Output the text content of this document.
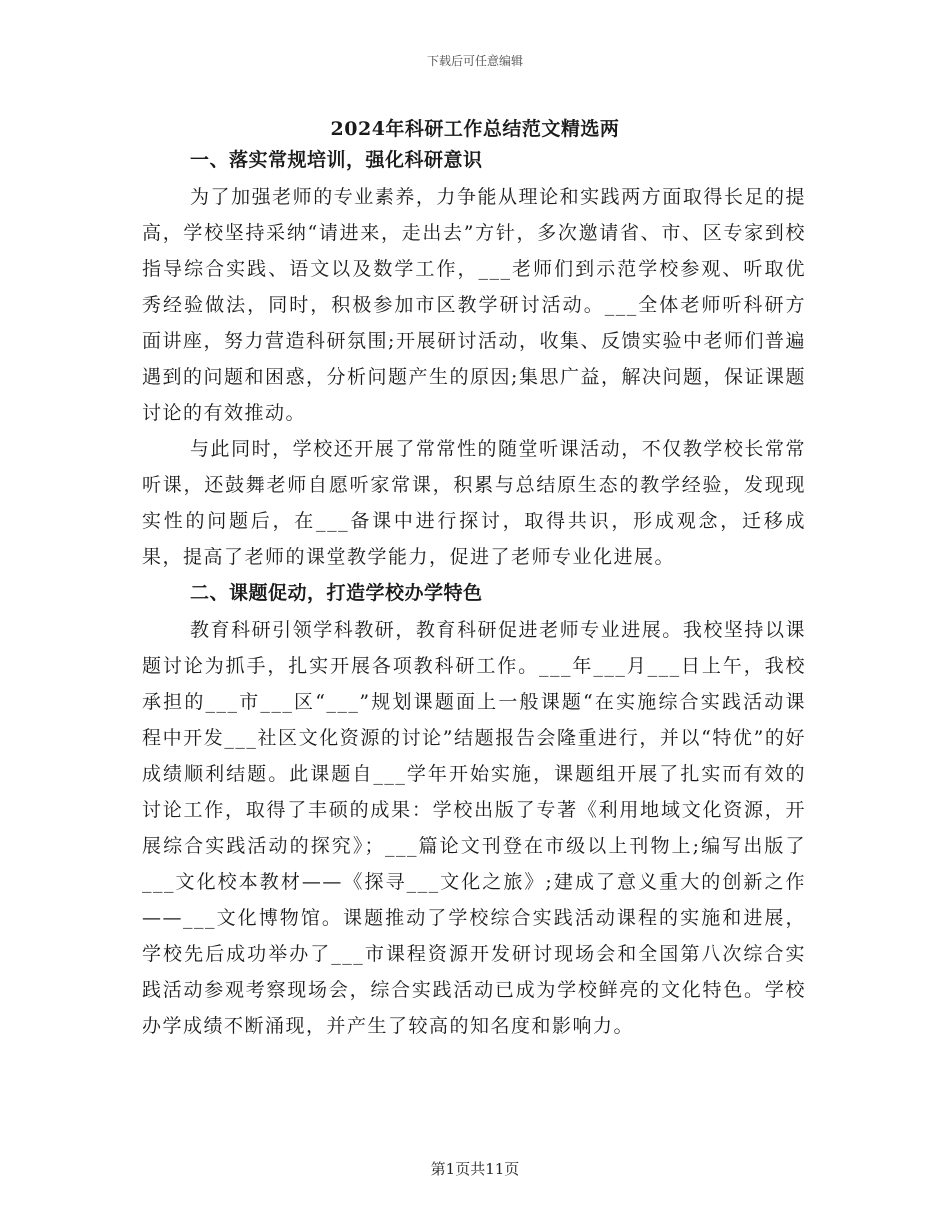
下载后可任意编辑
2024年科研工作总结范文精选两

一、落实常规培训，强化科研意识

为了加强老师的专业素养，力争能从理论和实践两方面取得长足的提高，学校坚持采纳“请进来，走出去”方针，多次邀请省、市、区专家到校指导综合实践、语文以及数学工作，___老师们到示范学校参观、听取优秀经验做法，同时，积极参加市区教学研讨活动。___全体老师听科研方面讲座，努力营造科研氛围;开展研讨活动，收集、反馈实验中老师们普遍遇到的问题和困惑，分析问题产生的原因;集思广益，解决问题，保证课题讨论的有效推动。

与此同时，学校还开展了常常性的随堂听课活动，不仅教学校长常常听课，还鼓舞老师自愿听家常课，积累与总结原生态的教学经验，发现现实性的问题后，在___备课中进行探讨，取得共识，形成观念，迁移成果，提高了老师的课堂教学能力，促进了老师专业化进展。

二、课题促动，打造学校办学特色

教育科研引领学科教研，教育科研促进老师专业进展。我校坚持以课题讨论为抓手，扎实开展各项教科研工作。___年___月___日上午，我校承担的___市___区“___”规划课题面上一般课题“在实施综合实践活动课程中开发___社区文化资源的讨论”结题报告会隆重进行，并以“特优”的好成绩顺利结题。此课题自___学年开始实施，课题组开展了扎实而有效的讨论工作，取得了丰硕的成果：学校出版了专著《利用地域文化资源，开展综合实践活动的探究》；___篇论文刊登在市级以上刊物上;编写出版了___文化校本教材——《探寻___文化之旅》;建成了意义重大的创新之作——___文化博物馆。课题推动了学校综合实践活动课程的实施和进展，学校先后成功举办了___市课程资源开发研讨现场会和全国第八次综合实践活动参观考察现场会，综合实践活动已成为学校鲜亮的文化特色。学校办学成绩不断涌现，并产生了较高的知名度和影响力。

第1页共11页
